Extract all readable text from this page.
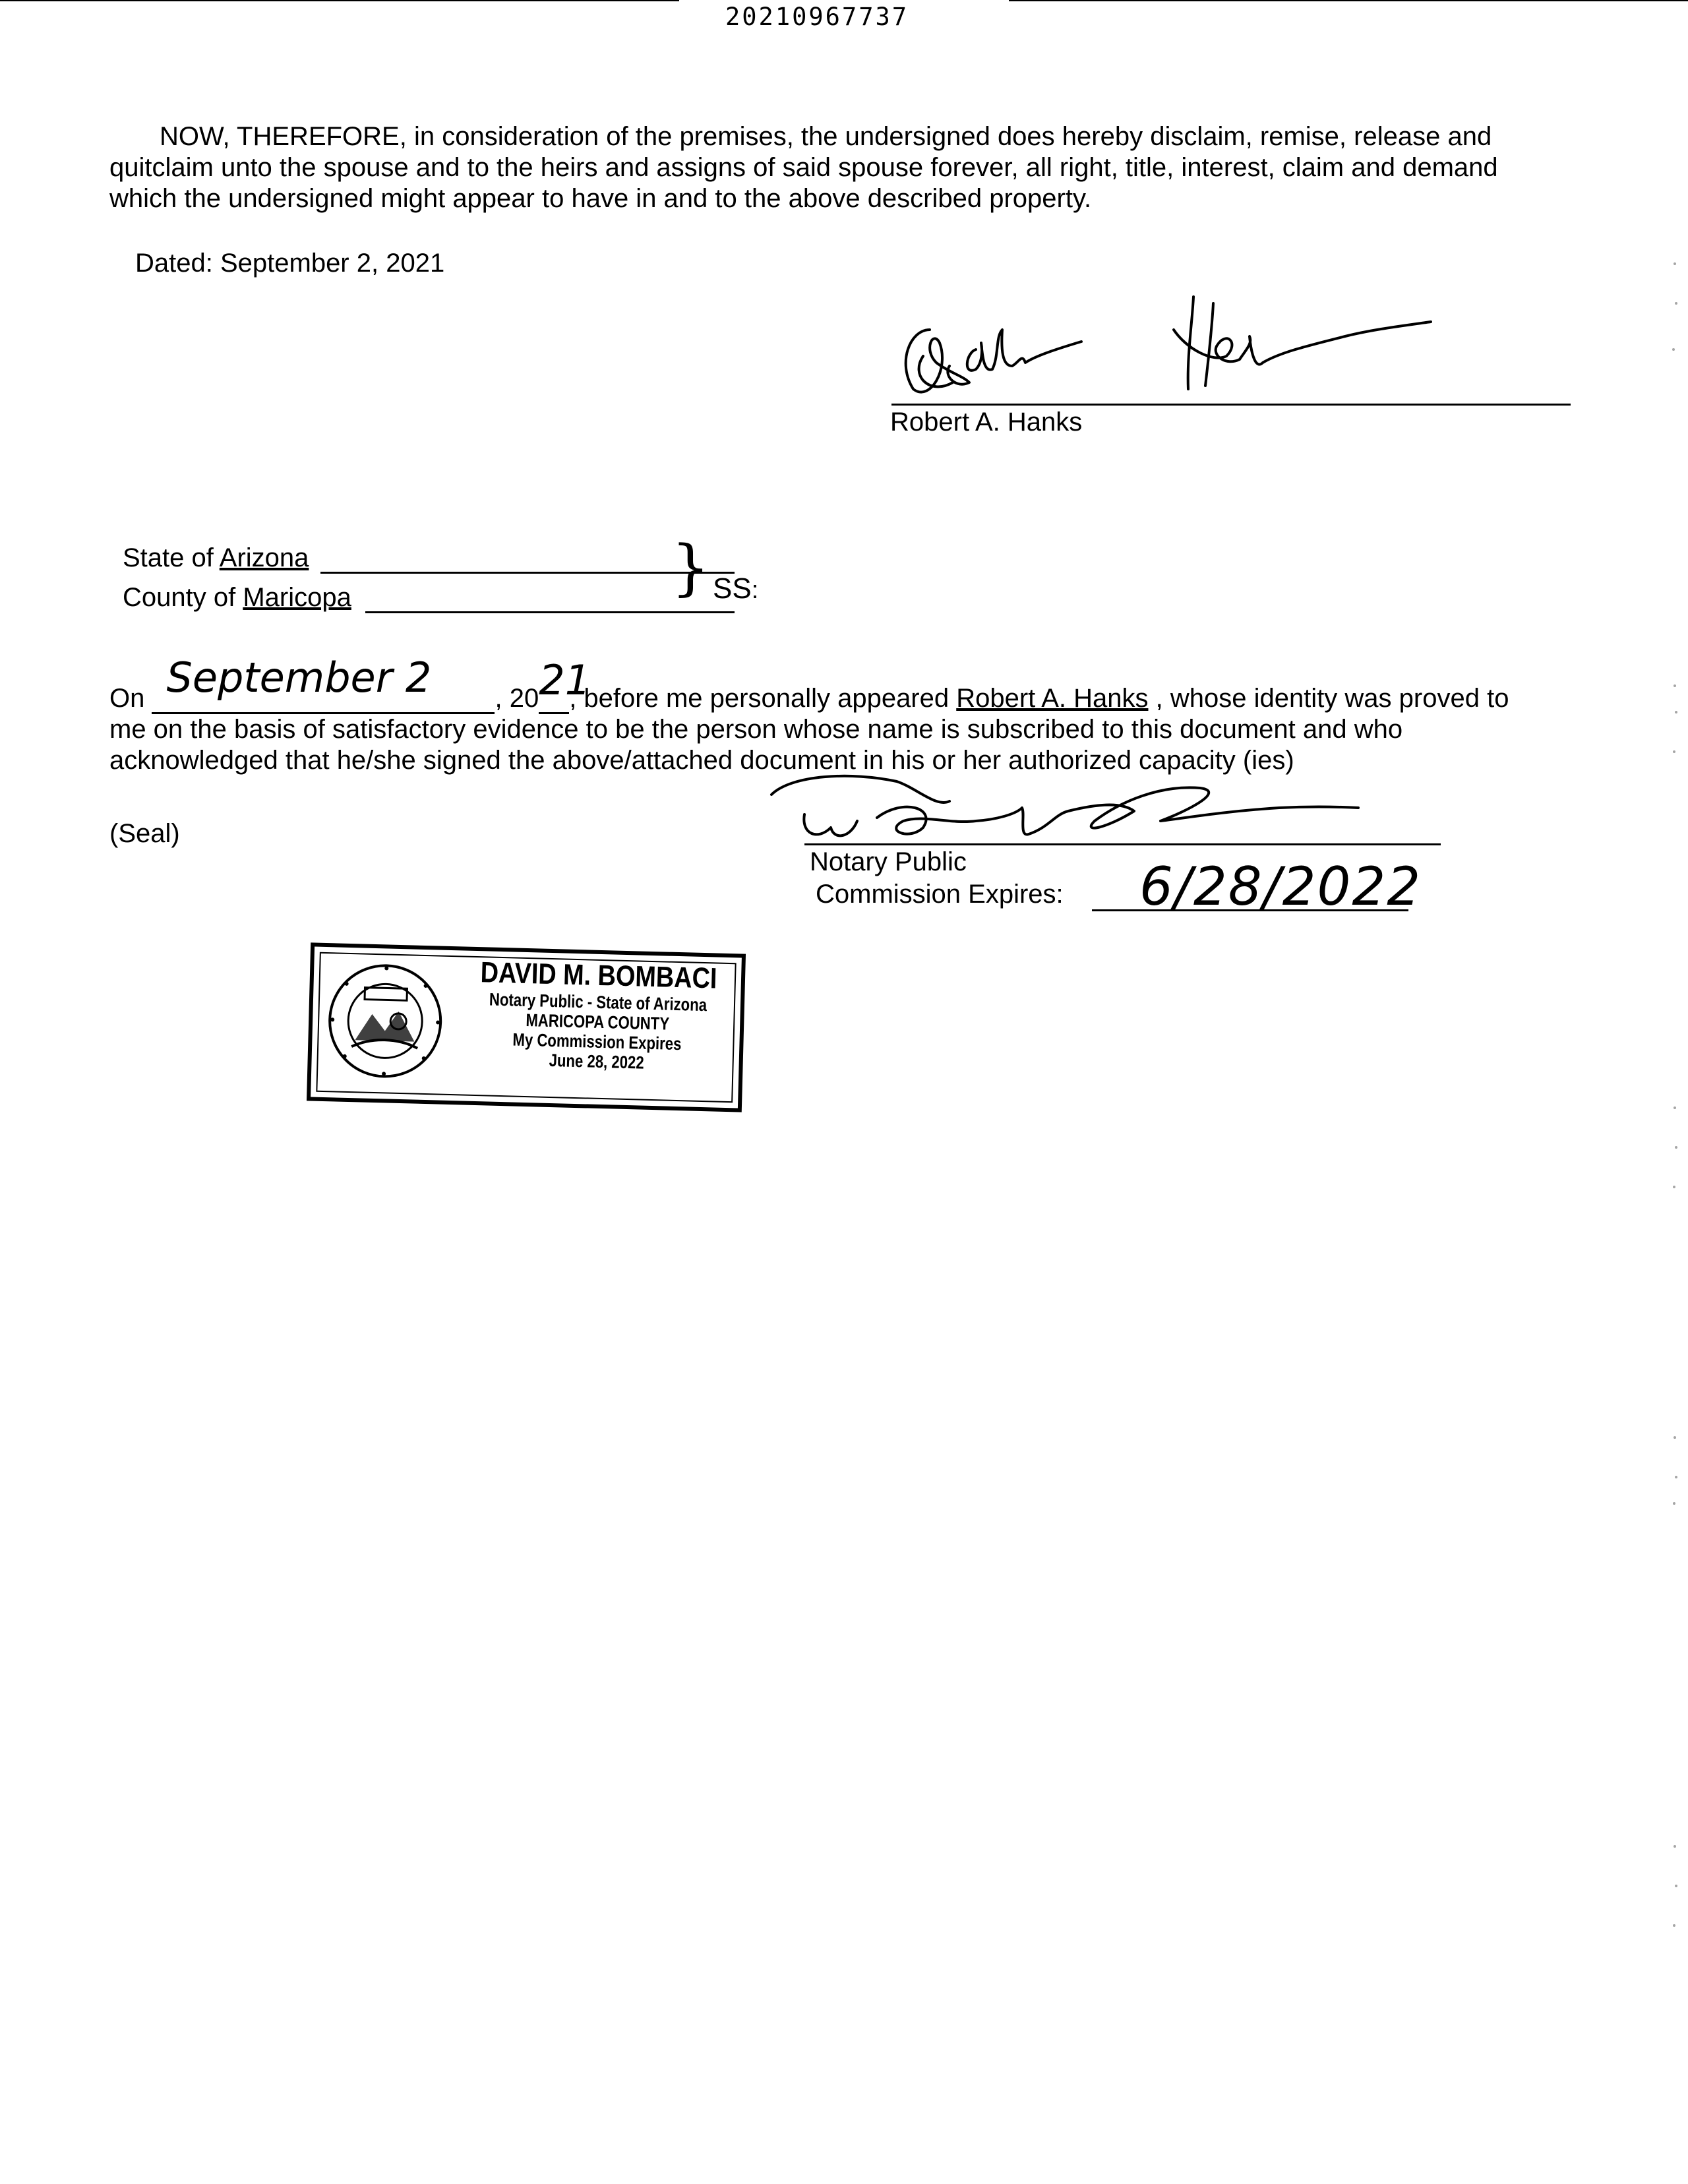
20210967737

NOW, THEREFORE, in consideration of the premises, the undersigned does hereby disclaim, remise, release and

quitclaim unto the spouse and to the heirs and assigns of said spouse forever, all right, title, interest, claim and demand

which the undersigned might appear to have in and to the above described property.

Dated: September 2, 2021
Robert A. Hanks
State of Arizona
County of Maricopa	} SS:

On September 2 , 20 21
, before me personally appeared Robert A. Hanks , whose identity was proved to

me on the basis of satisfactory evidence to be the person whose name is subscribed to this document and who

acknowledged that he/she signed the above/attached document in his or her authorized capacity (ies)

(Seal)
Notary Public
Commission Expires: 6/28/2022
DAVID M. BOMBACI
Notary Public - State of Arizona
MARICOPA COUNTY
My Commission Expires
June 28, 2022
